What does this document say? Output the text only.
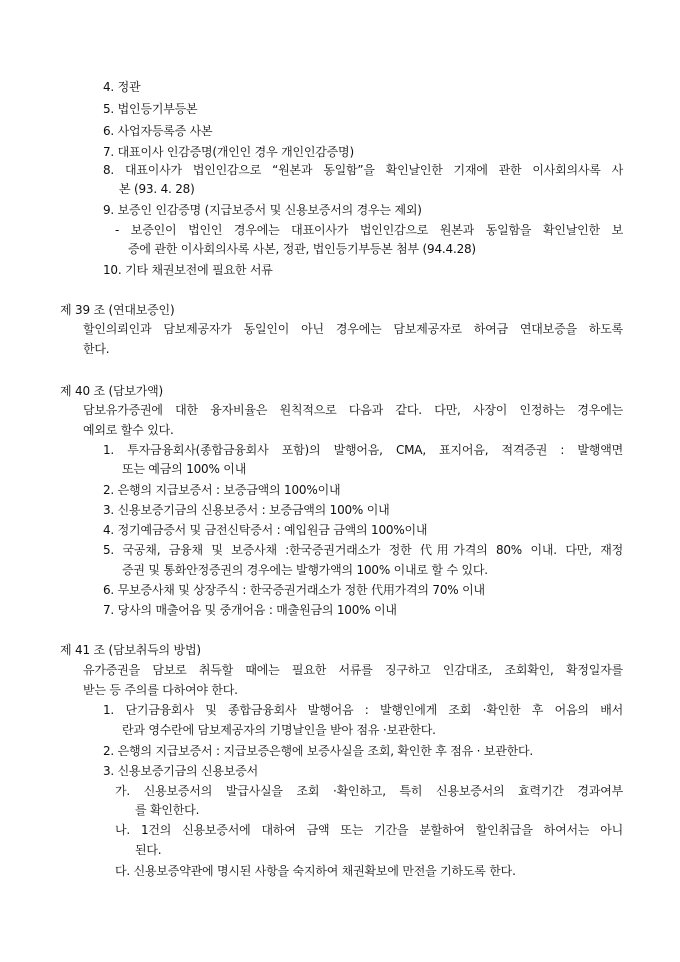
4. 정관
5. 법인등기부등본
6. 사업자등록증 사본
7. 대표이사 인감증명(개인인 경우 개인인감증명)
8. 대표이사가 법인인감으로 “원본과 동일함”을 확인날인한 기재에 관한 이사회의사록 사
본 (93. 4. 28)
9. 보증인 인감증명 (지급보증서 및 신용보증서의 경우는 제외)
- 보증인이 법인인 경우에는 대표이사가 법인인감으로 원본과 동일함을 확인날인한 보
증에 관한 이사회의사록 사본, 정관, 법인등기부등본 첨부 (94.4.28)
10. 기타 채권보전에 필요한 서류
제 39 조 (연대보증인)
할인의뢰인과 담보제공자가 동일인이 아닌 경우에는 담보제공자로 하여금 연대보증을 하도록
한다.
제 40 조 (담보가액)
담보유가증권에 대한 융자비율은 원칙적으로 다음과 같다. 다만, 사장이 인정하는 경우에는
예외로 할수 있다.
1. 투자금융회사(종합금융회사 포함)의 발행어음, CMA, 표지어음, 적격증권 : 발행액면
또는 예금의 100% 이내
2. 은행의 지급보증서 : 보증금액의 100%이내
3. 신용보증기금의 신용보증서 : 보증금액의 100% 이내
4. 정기예금증서 및 금전신탁증서 : 예입원금 금액의 100%이내
5. 국공채, 금융채 및 보증사채 :한국증권거래소가 정한 代用가격의 80% 이내. 다만, 재정
증권 및 통화안정증권의 경우에는 발행가액의 100% 이내로 할 수 있다.
6. 무보증사채 및 상장주식 : 한국증권거래소가 정한 代用가격의 70% 이내
7. 당사의 매출어음 및 중개어음 : 매출원금의 100% 이내
제 41 조 (담보취득의 방법)
유가증권을 담보로 취득할 때에는 필요한 서류를 징구하고 인감대조, 조회확인, 확정일자를
받는 등 주의를 다하여야 한다.
1. 단기금융회사 및 종합금융회사 발행어음 : 발행인에게 조회 ·확인한 후 어음의 배서
란과 영수란에 담보제공자의 기명날인을 받아 점유 ·보관한다.
2. 은행의 지급보증서 : 지급보증은행에 보증사실을 조회, 확인한 후 점유 · 보관한다.
3. 신용보증기금의 신용보증서
가. 신용보증서의 발급사실을 조회 ·확인하고, 특히 신용보증서의 효력기간 경과여부
를 확인한다.
나. 1건의 신용보증서에 대하여 금액 또는 기간을 분할하여 할인취급을 하여서는 아니
된다.
다. 신용보증약관에 명시된 사항을 숙지하여 채권확보에 만전을 기하도록 한다.
